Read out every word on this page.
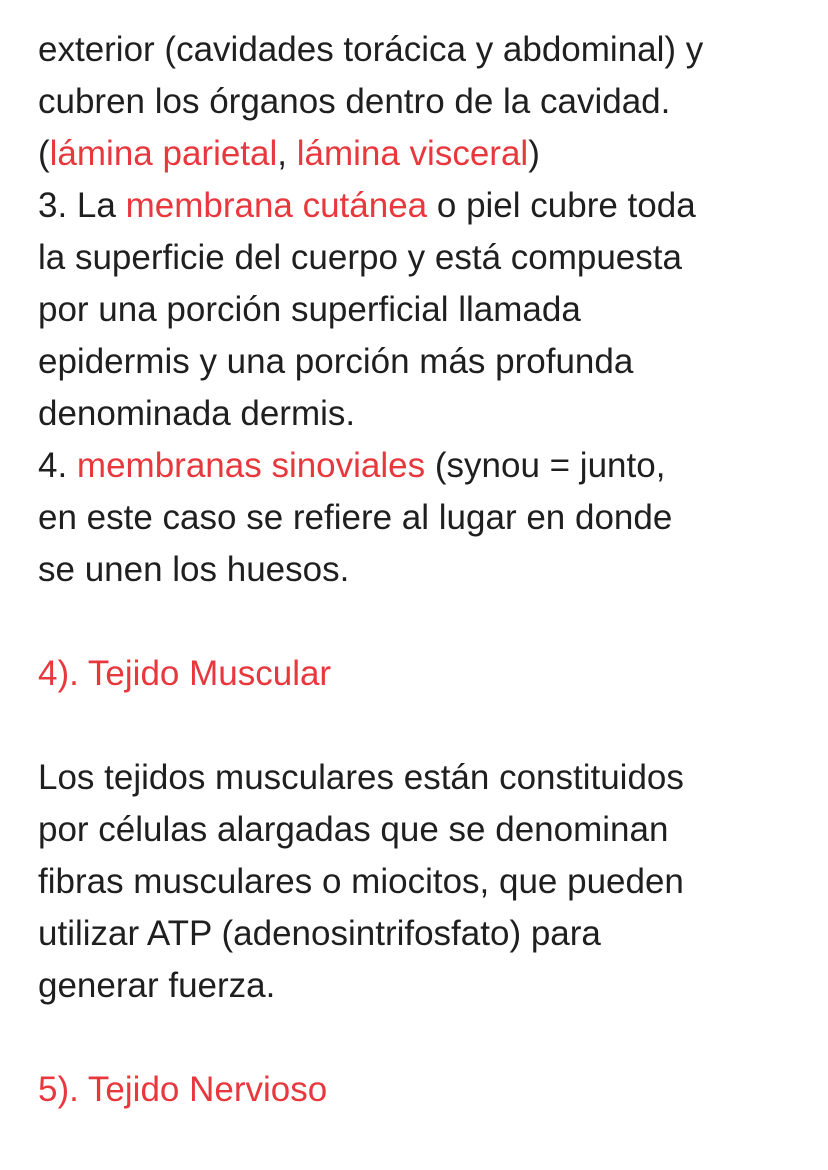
exterior (cavidades torácica y abdominal) y
cubren los órganos dentro de la cavidad.
(lámina parietal, lámina visceral)
3. La membrana cutánea o piel cubre toda
la superficie del cuerpo y está compuesta
por una porción superficial llamada
epidermis y una porción más profunda
denominada dermis.
4. membranas sinoviales (synou = junto,
en este caso se refiere al lugar en donde
se unen los huesos.
4). Tejido Muscular
Los tejidos musculares están constituidos
por células alargadas que se denominan
fibras musculares o miocitos, que pueden
utilizar ATP (adenosintrifosfato) para
generar fuerza.
5). Tejido Nervioso
